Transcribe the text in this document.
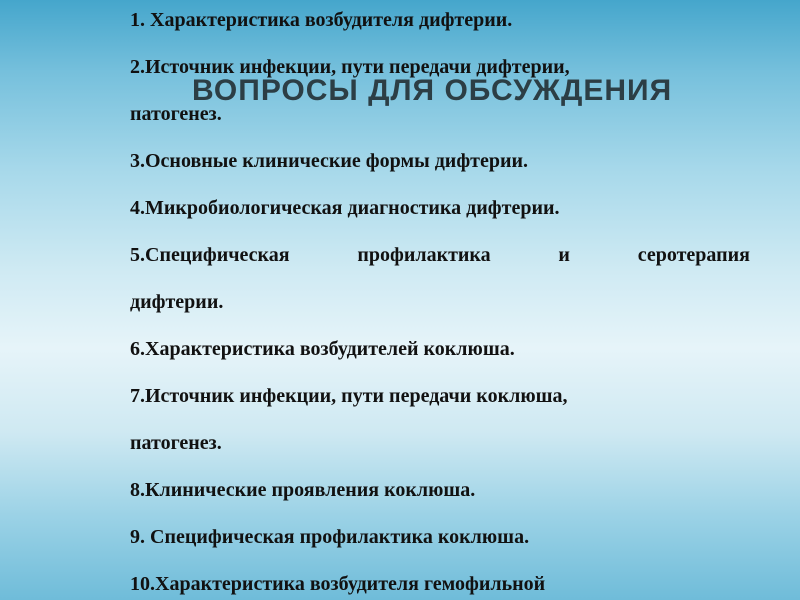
ВОПРОСЫ ДЛЯ ОБСУЖДЕНИЯ
1. Характеристика возбудителя дифтерии.
2.Источник инфекции, пути передачи дифтерии,
патогенез.
3.Основные клинические формы дифтерии.
4.Микробиологическая диагностика дифтерии.
5.Специфическая профилактика и серотерапия
дифтерии.
6.Характеристика возбудителей коклюша.
7.Источник инфекции, пути передачи коклюша,
патогенез.
8.Клинические проявления коклюша.
9. Специфическая профилактика коклюша.
10.Характеристика возбудителя гемофильной
